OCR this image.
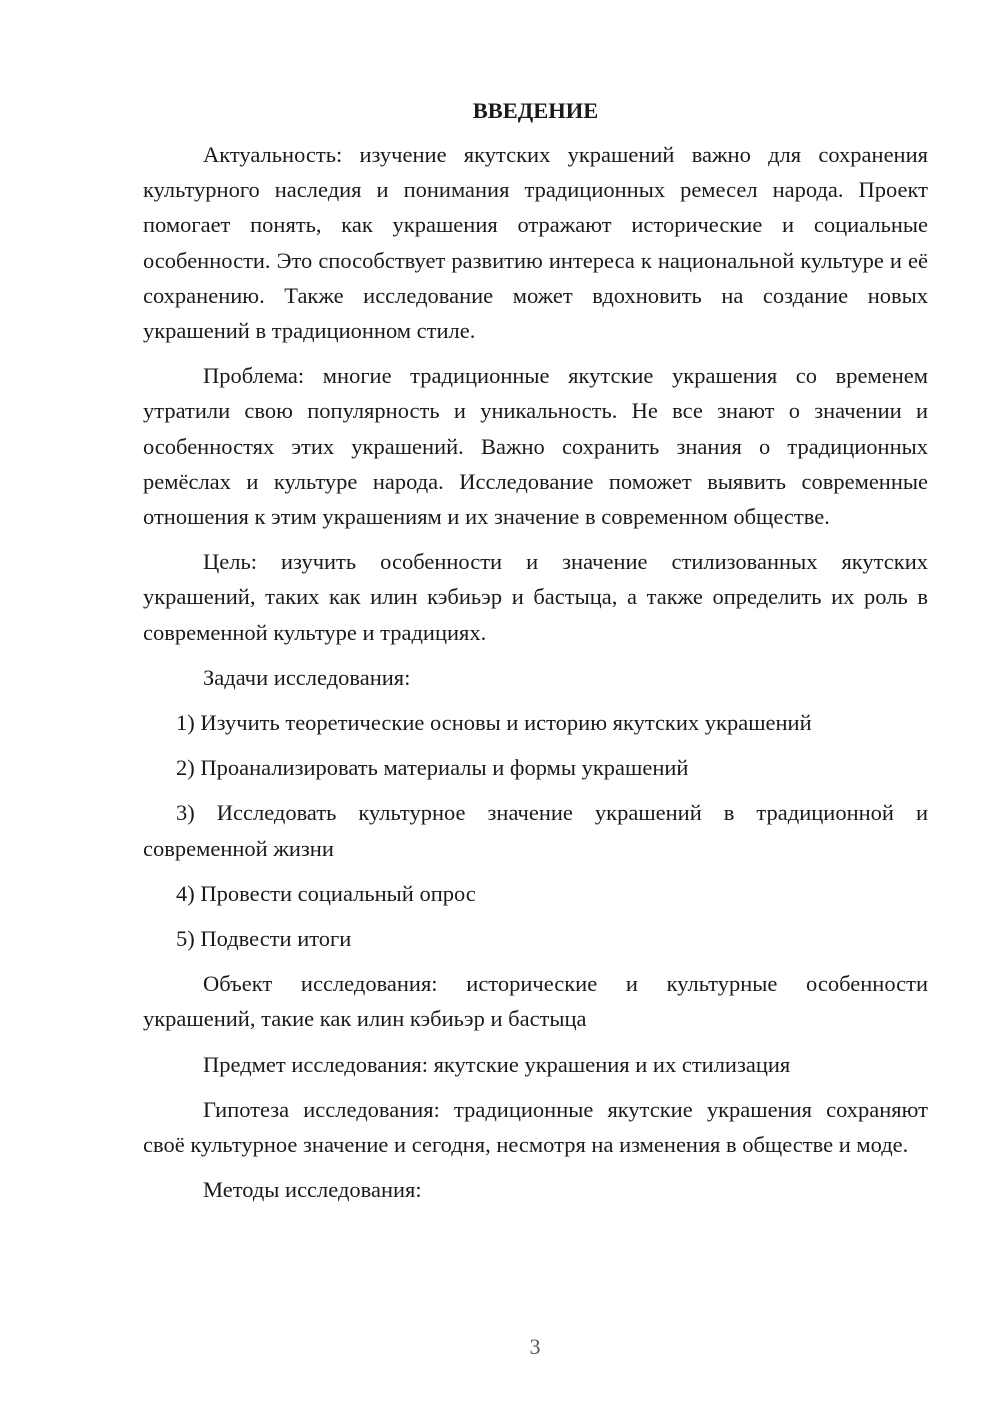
ВВЕДЕНИЕ

Актуальность: изучение якутских украшений важно для сохранения культурного наследия и понимания традиционных ремесел народа. Проект помогает понять, как украшения отражают исторические и социальные особенности. Это способствует развитию интереса к национальной культуре и её сохранению. Также исследование может вдохновить на создание новых украшений в традиционном стиле.

Проблема: многие традиционные якутские украшения со временем утратили свою популярность и уникальность. Не все знают о значении и особенностях этих украшений. Важно сохранить знания о традиционных ремёслах и культуре народа. Исследование поможет выявить современные отношения к этим украшениям и их значение в современном обществе.

Цель: изучить особенности и значение стилизованных якутских украшений, таких как илин кэбиьэр и бастыца, а также определить их роль в современной культуре и традициях.

Задачи исследования:

1) Изучить теоретические основы и историю якутских украшений

2) Проанализировать материалы и формы украшений

3) Исследовать культурное значение украшений в традиционной и современной жизни

4) Провести социальный опрос

5) Подвести итоги

Объект исследования: исторические и культурные особенности украшений, такие как илин кэбиьэр и бастыца

Предмет исследования: якутские украшения и их стилизация

Гипотеза исследования: традиционные якутские украшения сохраняют своё культурное значение и сегодня, несмотря на изменения в обществе и моде.

Методы исследования:

3
